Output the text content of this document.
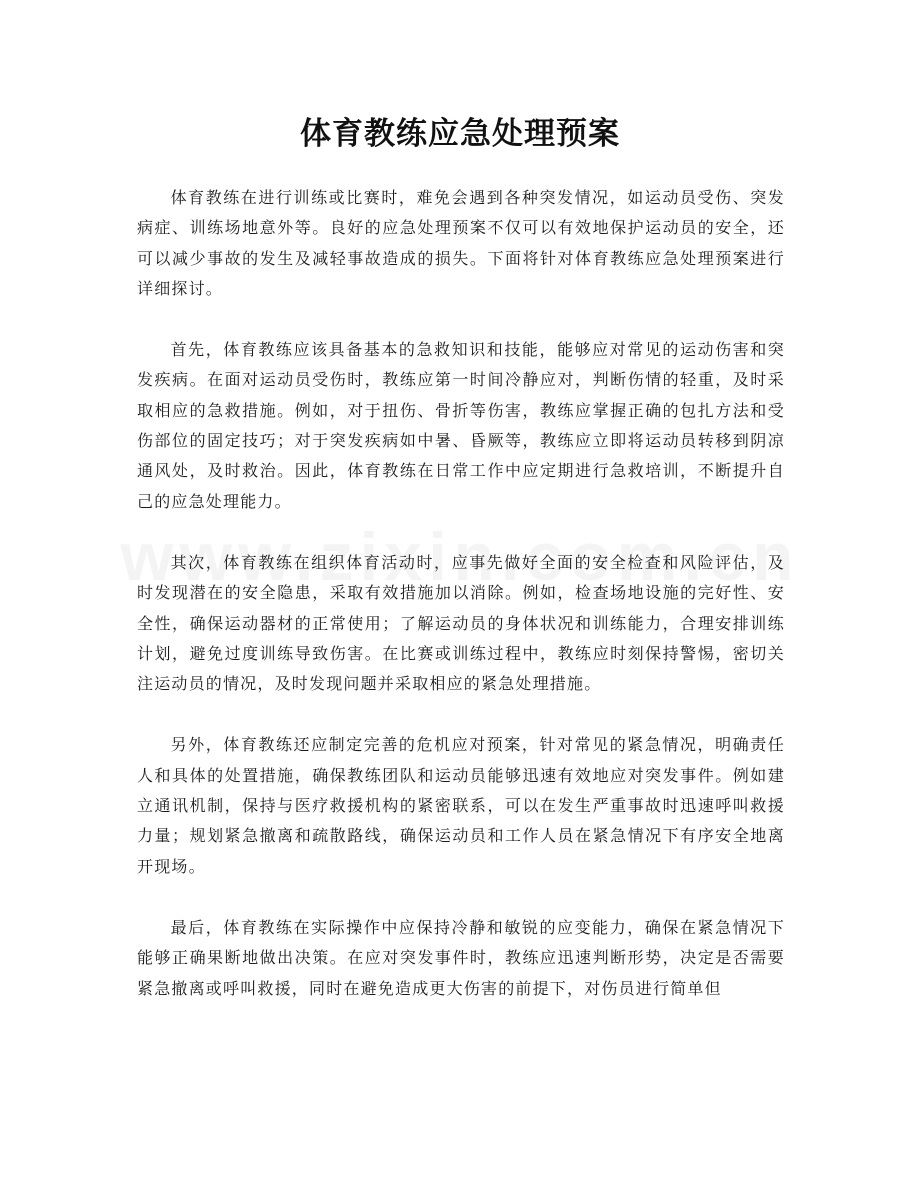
体育教练应急处理预案

体育教练在进行训练或比赛时，难免会遇到各种突发情况，如运动员受伤、突发病症、训练场地意外等。良好的应急处理预案不仅可以有效地保护运动员的安全，还可以减少事故的发生及减轻事故造成的损失。下面将针对体育教练应急处理预案进行详细探讨。

首先，体育教练应该具备基本的急救知识和技能，能够应对常见的运动伤害和突发疾病。在面对运动员受伤时，教练应第一时间冷静应对，判断伤情的轻重，及时采取相应的急救措施。例如，对于扭伤、骨折等伤害，教练应掌握正确的包扎方法和受伤部位的固定技巧；对于突发疾病如中暑、昏厥等，教练应立即将运动员转移到阴凉通风处，及时救治。因此，体育教练在日常工作中应定期进行急救培训，不断提升自己的应急处理能力。

其次，体育教练在组织体育活动时，应事先做好全面的安全检查和风险评估，及时发现潜在的安全隐患，采取有效措施加以消除。例如，检查场地设施的完好性、安全性，确保运动器材的正常使用；了解运动员的身体状况和训练能力，合理安排训练计划，避免过度训练导致伤害。在比赛或训练过程中，教练应时刻保持警惕，密切关注运动员的情况，及时发现问题并采取相应的紧急处理措施。

另外，体育教练还应制定完善的危机应对预案，针对常见的紧急情况，明确责任人和具体的处置措施，确保教练团队和运动员能够迅速有效地应对突发事件。例如建立通讯机制，保持与医疗救援机构的紧密联系，可以在发生严重事故时迅速呼叫救援力量；规划紧急撤离和疏散路线，确保运动员和工作人员在紧急情况下有序安全地离开现场。

最后，体育教练在实际操作中应保持冷静和敏锐的应变能力，确保在紧急情况下能够正确果断地做出决策。在应对突发事件时，教练应迅速判断形势，决定是否需要紧急撤离或呼叫救援，同时在避免造成更大伤害的前提下，对伤员进行简单但
